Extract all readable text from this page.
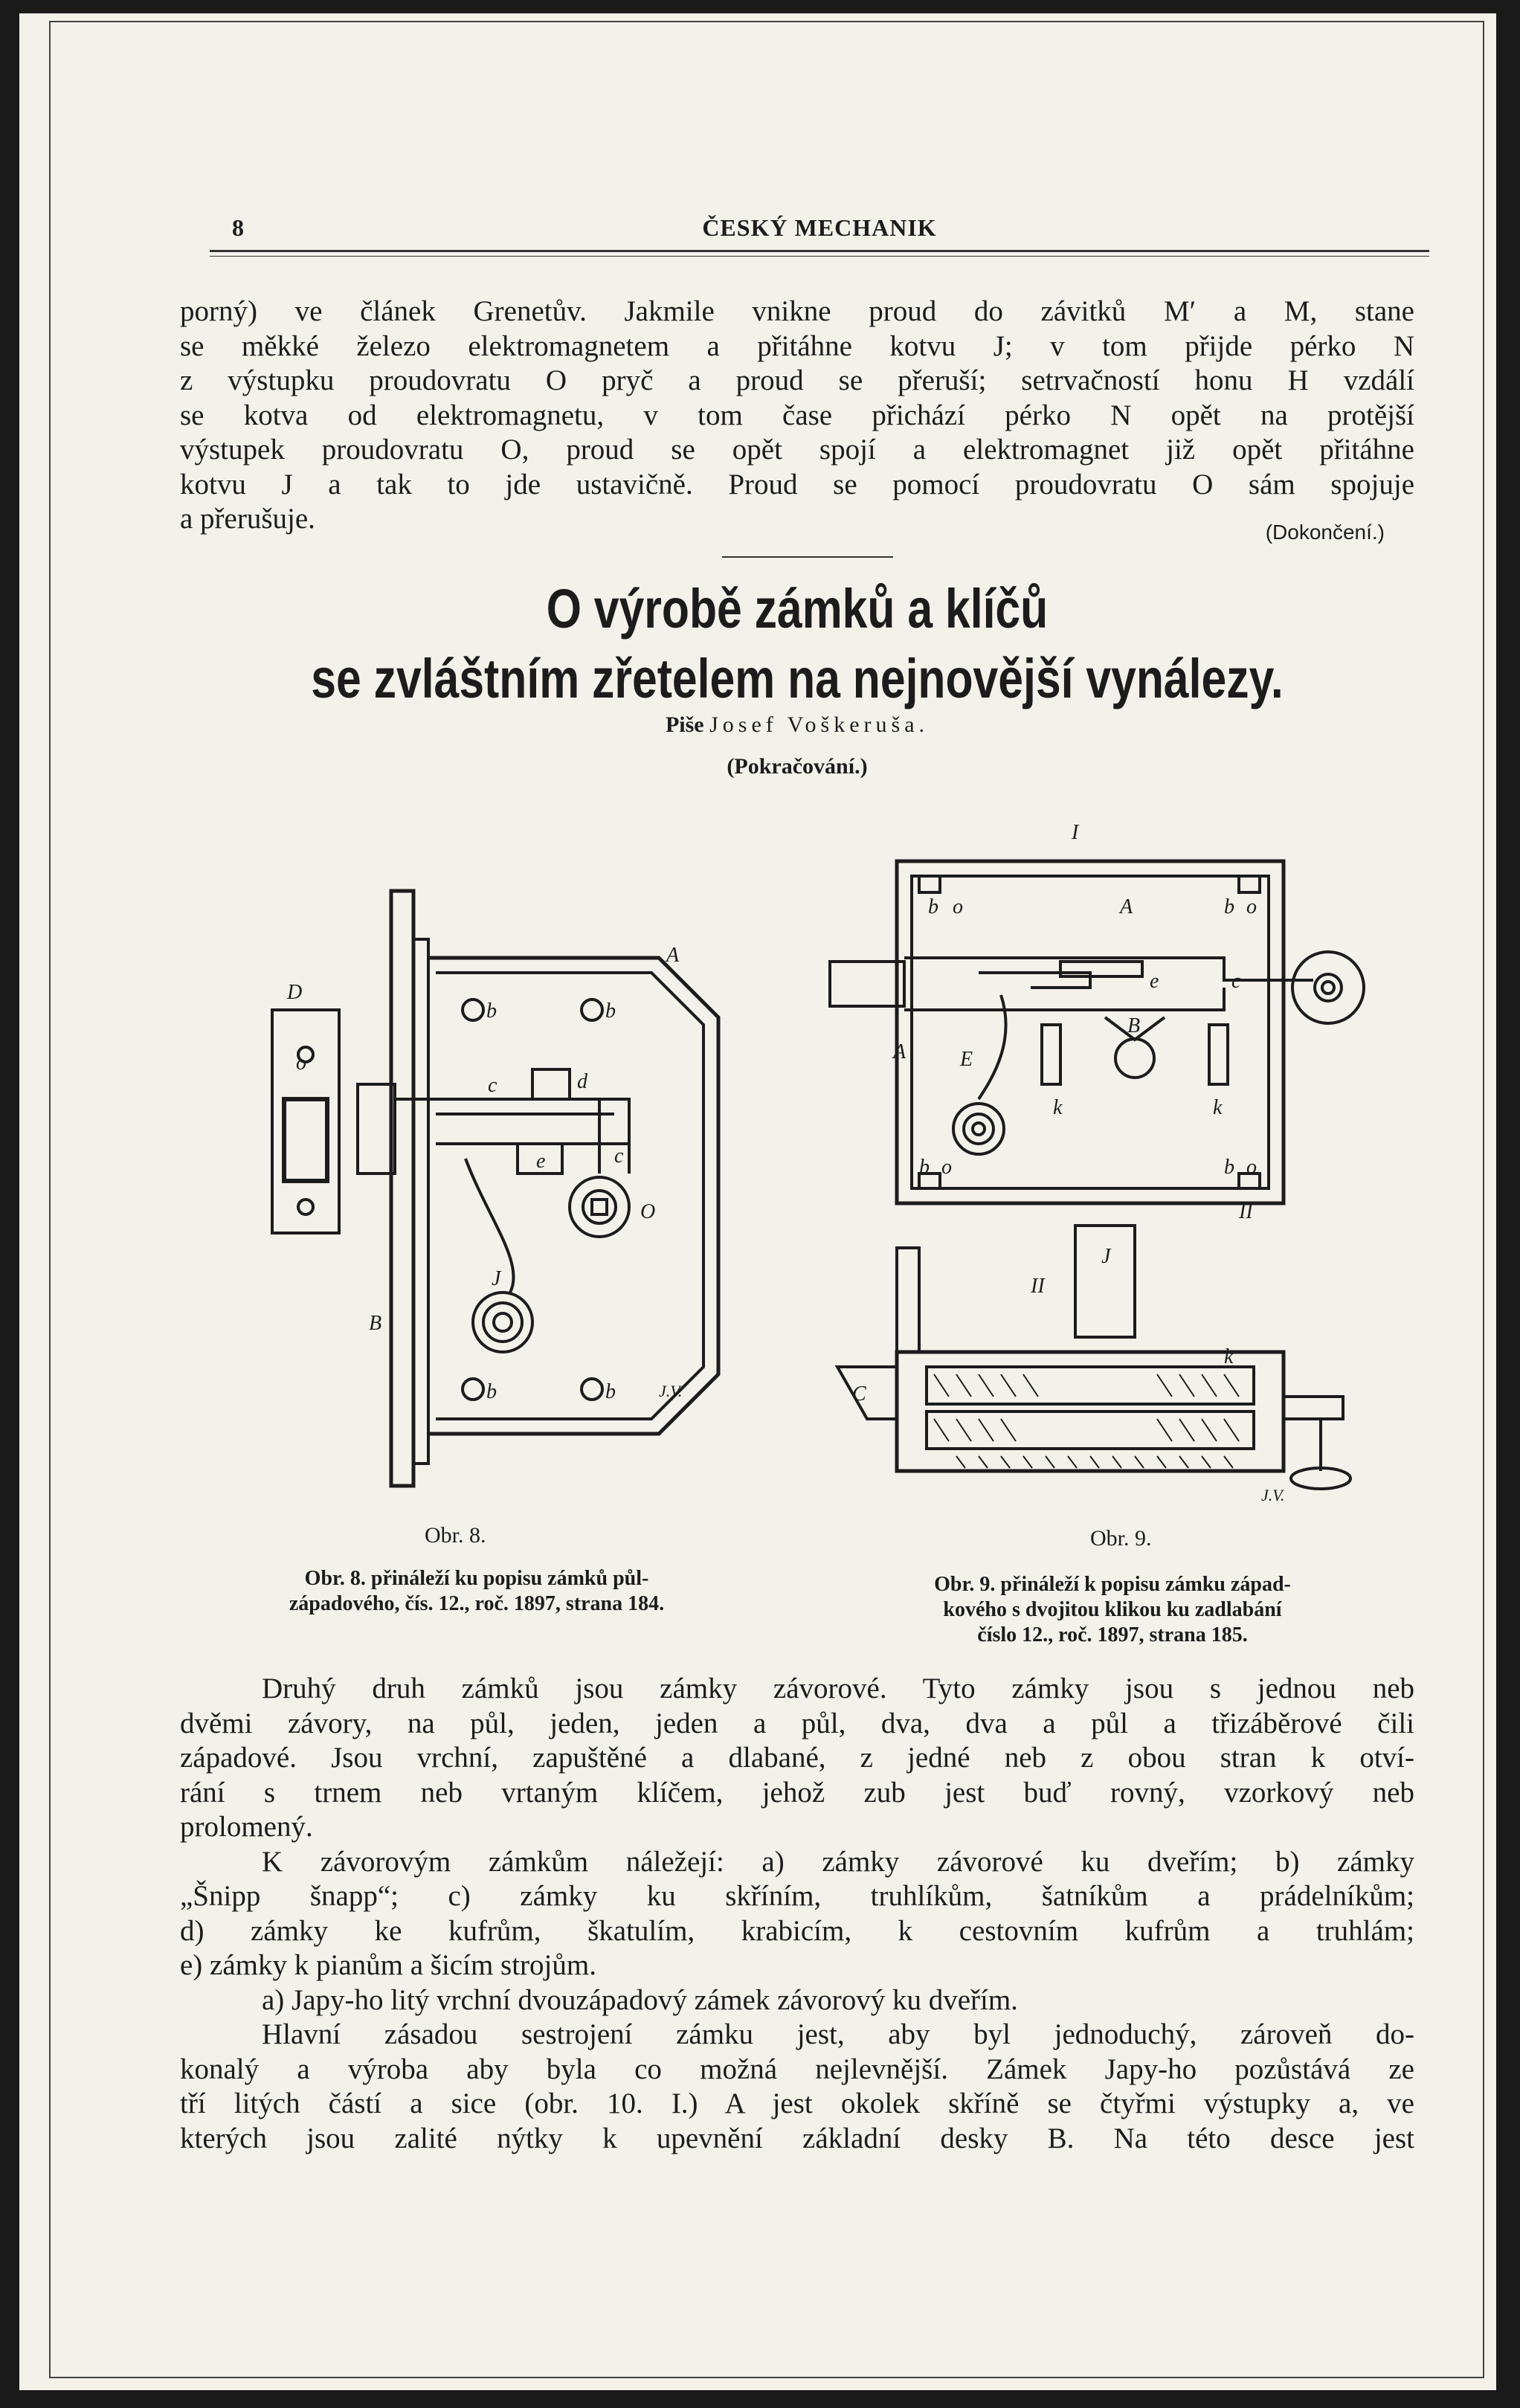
8	ČESKÝ MECHANIK
porný) ve článek Grenetův. Jakmile vnikne proud do závitků M′ a M, stane
se měkké železo elektromagnetem a přitáhne kotvu J; v tom přijde pérko N
z výstupku proudovratu O pryč a proud se přeruší; setrvačností honu H vzdálí
se kotva od elektromagnetu, v tom čase přichází pérko N opět na protější
výstupek proudovratu O, proud se opět spojí a elektromagnet již opět přitáhne
kotvu J a tak to jde ustavičně. Proud se pomocí proudovratu O sám spojuje
a přerušuje.	(Dokončení.)
O výrobě zámků a klíčů
se zvláštním zřetelem na nejnovější vynálezy.
Piše Josef Voškeruša.
(Pokračování.)
D
A
b	b
c	d
e	c
J
o
O
B
b	b	J.V.
I
b o	A	b o
c
e
B
A	E
k	k
b o	b o
II
J
II
C
k
J.V.
Obr. 8.	Obr. 9.
Obr. 8. přináleží ku popisu zámků půl-
západového, čís. 12., roč. 1897, strana 184.
Obr. 9. přináleží k popisu zámku západ-
kového s dvojitou klikou ku zadlabání
číslo 12., roč. 1897, strana 185.
Druhý druh zámků jsou zámky závorové. Tyto zámky jsou s jednou neb
dvěmi závory, na půl, jeden, jeden a půl, dva, dva a půl a třizáběrové čili
západové. Jsou vrchní, zapuštěné a dlabané, z jedné neb z obou stran k otví-
rání s trnem neb vrtaným klíčem, jehož zub jest buď rovný, vzorkový neb
prolomený.
K závorovým zámkům náležejí: a) zámky závorové ku dveřím; b) zámky
„Šnipp šnapp“; c) zámky ku skříním, truhlíkům, šatníkům a prádelníkům;
d) zámky ke kufrům, škatulím, krabicím, k cestovním kufrům a truhlám;
e) zámky k pianům a šicím strojům.
a) Japy-ho litý vrchní dvouzápadový zámek závorový ku dveřím.
Hlavní zásadou sestrojení zámku jest, aby byl jednoduchý, zároveň do-
konalý a výroba aby byla co možná nejlevnější. Zámek Japy-ho pozůstává ze
tří litých částí a sice (obr. 10. I.) A jest okolek skříně se čtyřmi výstupky a, ve
kterých jsou zalité nýtky k upevnění základní desky B. Na této desce jest
